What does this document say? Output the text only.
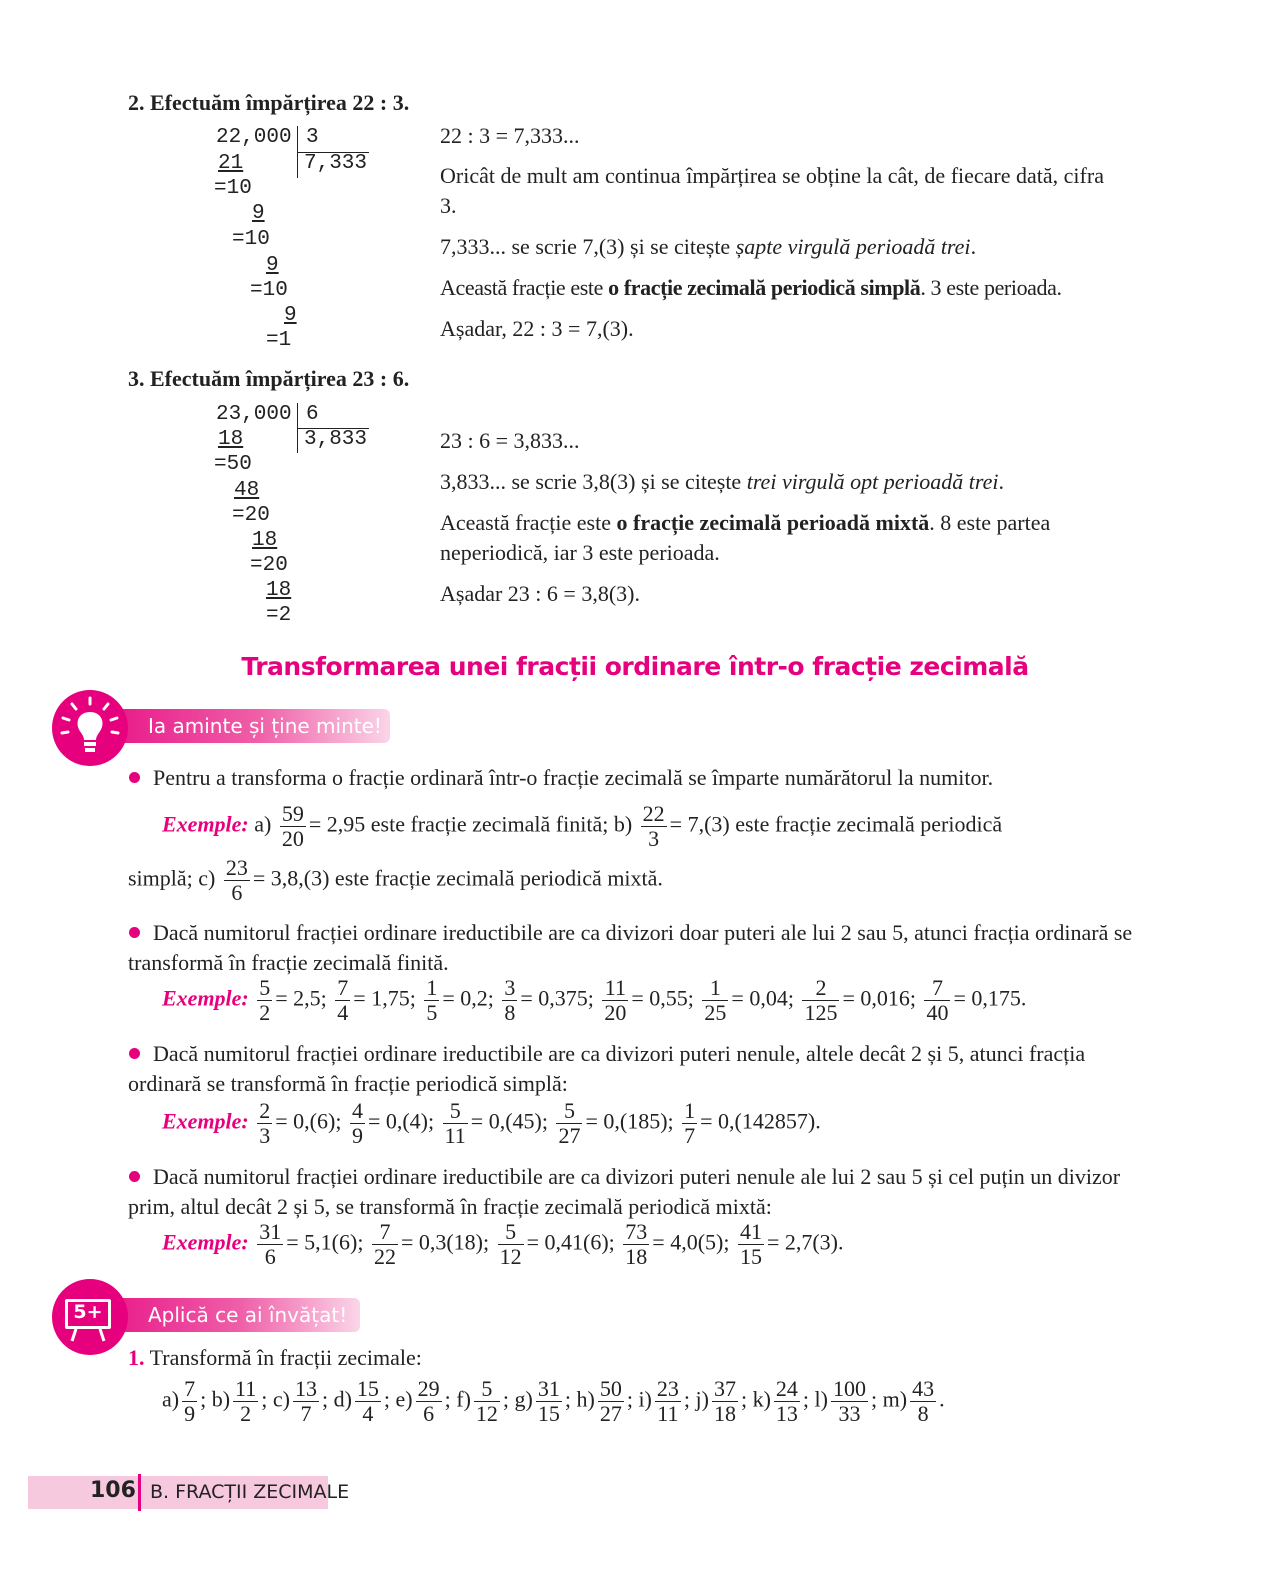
2. Efectuăm împărțirea 22 : 3.
22,000 3
7,333
21
=10
9
=10
9
=10
9
=1
22 : 3 = 7,333...
Oricât de mult am continua împărțirea se obține la cât, de fiecare dată, cifra 3.
7,333... se scrie 7,(3) și se citește șapte virgulă perioadă trei.
Această fracție este o fracție zecimală periodică simplă. 3 este perioada.
Așadar, 22 : 3 = 7,(3).
3. Efectuăm împărțirea 23 : 6.
23,000 6
3,833
18
=50
48
=20
18
=20
18
=2
23 : 6 = 3,833...
3,833... se scrie 3,8(3) și se citește trei virgulă opt perioadă trei.
Această fracție este o fracție zecimală perioadă mixtă. 8 este partea neperiodică, iar 3 este perioada.
Așadar 23 : 6 = 3,8(3).
Transformarea unei fracții ordinare într-o fracție zecimală
Ia aminte și ține minte!
Pentru a transforma o fracție ordinară într-o fracție zecimală se împarte numărătorul la numitor.
Exemple: $a) \frac{59}{20} = 2,95$ este fracție zecimală finită; $b) \frac{22}{3} = 7,(3)$ este fracție zecimală periodică
simplă; $c) \frac{23}{6} = 3,8,(3)$ este fracție zecimală periodică mixtă.
Dacă numitorul fracției ordinare ireductibile are ca divizori doar puteri ale lui 2 sau 5, atunci fracția ordinară se transformă în fracție zecimală finită.
Exemple: $\frac{5}{2} = 2,5$; $\frac{7}{4} = 1,75$; $\frac{1}{5} = 0,2$; $\frac{3}{8} = 0,375$; $\frac{11}{20} = 0,55$; $\frac{1}{25} = 0,04$; $\frac{2}{125} = 0,016$; $\frac{7}{40} = 0,175$.
Dacă numitorul fracției ordinare ireductibile are ca divizori puteri nenule, altele decât 2 și 5, atunci fracția ordinară se transformă în fracție periodică simplă:
Exemple: $\frac{2}{3} = 0,(6)$; $\frac{4}{9} = 0,(4)$; $\frac{5}{11} = 0,(45)$; $\frac{5}{27} = 0,(185)$; $\frac{1}{7} = 0,(142857)$.
Dacă numitorul fracției ordinare ireductibile are ca divizori puteri nenule ale lui 2 sau 5 și cel puțin un divizor prim, altul decât 2 și 5, se transformă în fracție zecimală periodică mixtă:
Exemple: $\frac{31}{6} = 5,1(6)$; $\frac{7}{22} = 0,3(18)$; $\frac{5}{12} = 0,41(6)$; $\frac{73}{18} = 4,0(5)$; $\frac{41}{15} = 2,7(3)$.
Aplică ce ai învățat!
5+
1. Transformă în fracții zecimale:
$a) \frac{7}{9}$ ; $b) \frac{11}{2}$ ; $c) \frac{13}{7}$ ; $d) \frac{15}{4}$ ; $e) \frac{29}{6}$ ; $f) \frac{5}{12}$ ; $g) \frac{31}{15}$ ; $h) \frac{50}{27}$ ; $i) \frac{23}{11}$ ; $j) \frac{37}{18}$ ; $k) \frac{24}{13}$ ; $l) \frac{100}{33}$ ; $m) \frac{43}{8}$ .
106 B. FRACȚII ZECIMALE
